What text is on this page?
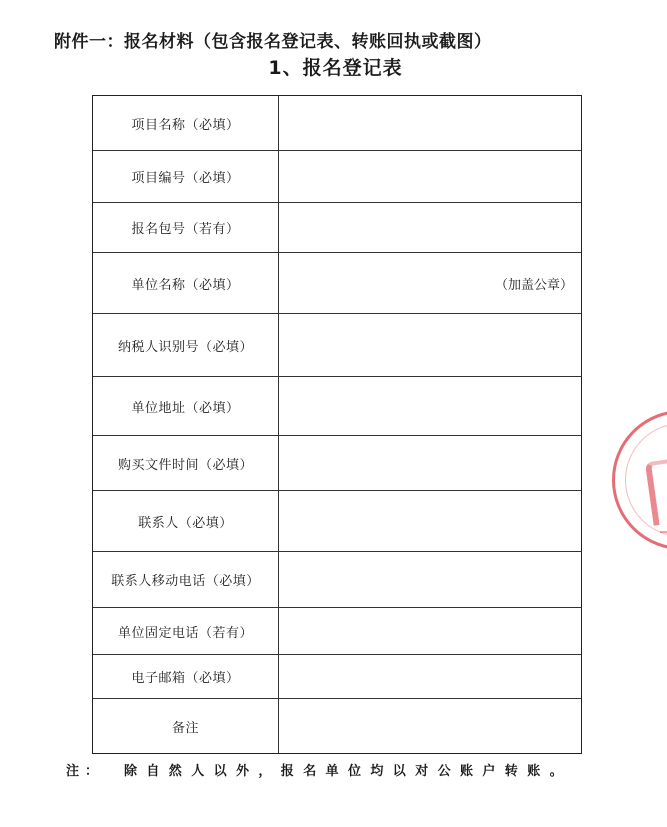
附件一：报名材料（包含报名登记表、转账回执或截图）
1、报名登记表
项目名称（必填）
项目编号（必填）
报名包号（若有）
单位名称（必填）	（加盖公章）
纳税人识别号（必填）
单位地址（必填）
购买文件时间（必填）
联系人（必填）
联系人移动电话（必填）
单位固定电话（若有）
电子邮箱（必填）
备注
注：	除自然人以外，报名单位均以对公账户转账。
